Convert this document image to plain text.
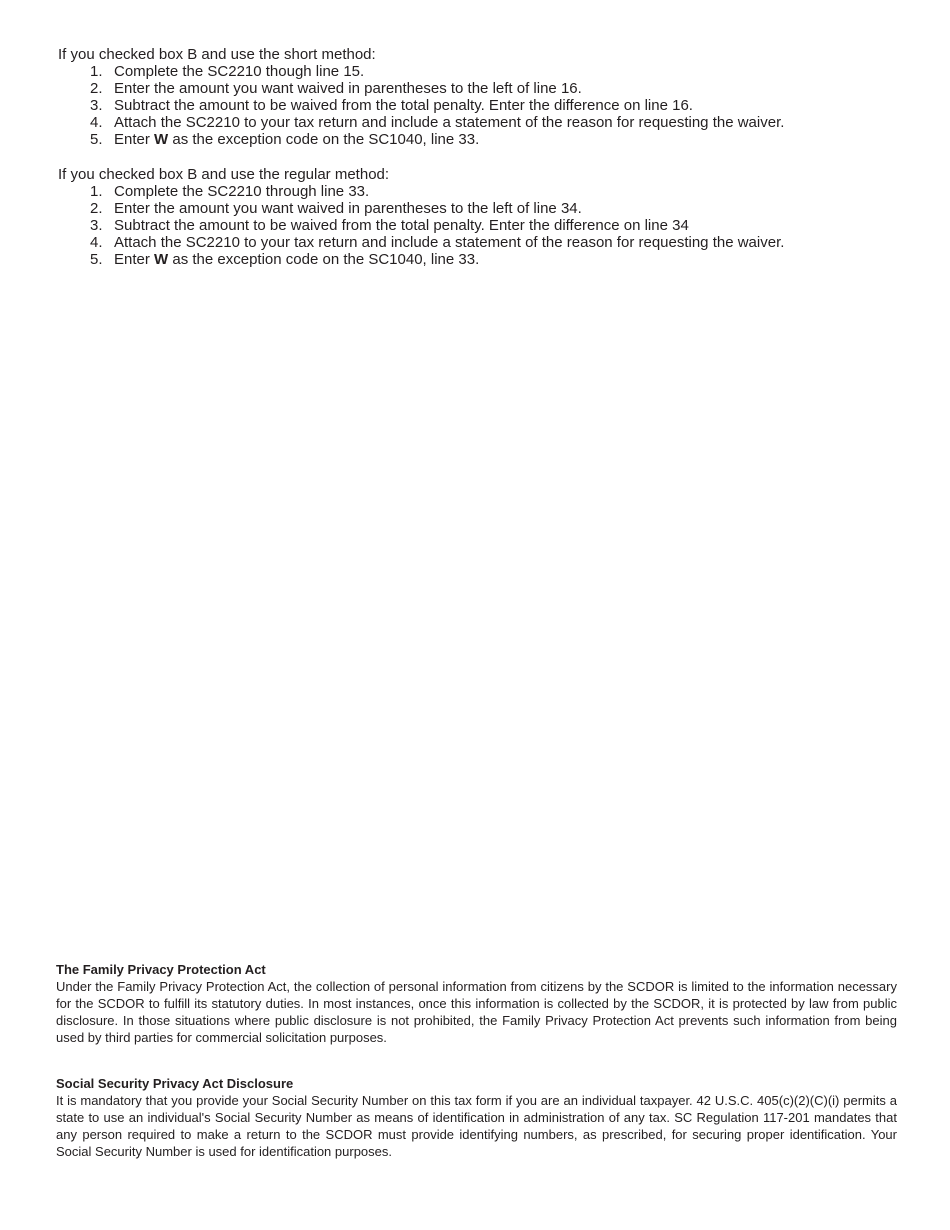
If you checked box B and use the short method:

1. Complete the SC2210 though line 15.
2. Enter the amount you want waived in parentheses to the left of line 16.
3. Subtract the amount to be waived from the total penalty. Enter the difference on line 16.
4. Attach the SC2210 to your tax return and include a statement of the reason for requesting the waiver.
5. Enter W as the exception code on the SC1040, line 33.

If you checked box B and use the regular method:

1. Complete the SC2210 through line 33.
2. Enter the amount you want waived in parentheses to the left of line 34.
3. Subtract the amount to be waived from the total penalty. Enter the difference on line 34
4. Attach the SC2210 to your tax return and include a statement of the reason for requesting the waiver.
5. Enter W as the exception code on the SC1040, line 33.
The Family Privacy Protection Act

Under the Family Privacy Protection Act, the collection of personal information from citizens by the SCDOR is limited to the information necessary for the SCDOR to fulfill its statutory duties. In most instances, once this information is collected by the SCDOR, it is protected by law from public disclosure. In those situations where public disclosure is not prohibited, the Family Privacy Protection Act prevents such information from being used by third parties for commercial solicitation purposes.

Social Security Privacy Act Disclosure

It is mandatory that you provide your Social Security Number on this tax form if you are an individual taxpayer. 42 U.S.C. 405(c)(2)(C)(i) permits a state to use an individual's Social Security Number as means of identification in administration of any tax. SC Regulation 117-201 mandates that any person required to make a return to the SCDOR must provide identifying numbers, as prescribed, for securing proper identification. Your Social Security Number is used for identification purposes.
